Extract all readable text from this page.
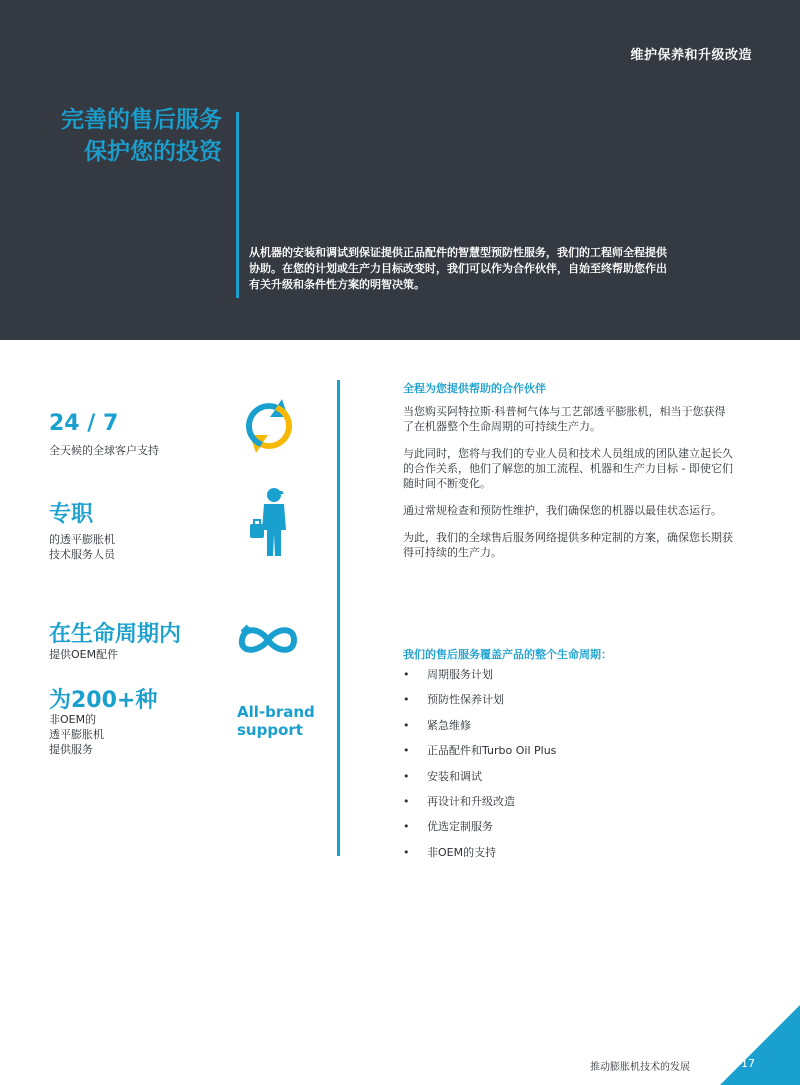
维护保养和升级改造
完善的售后服务
保护您的投资
从机器的安装和调试到保证提供正品配件的智慧型预防性服务，我们的工程师全程提供
协助。在您的计划或生产力目标改变时，我们可以作为合作伙伴，自始至终帮助您作出
有关升级和条件性方案的明智决策。
24 / 7
全天候的全球客户支持
专职
的透平膨胀机
技术服务人员
在生命周期内
提供OEM配件
为200+种
非OEM的
透平膨胀机
提供服务
All-brand
support
全程为您提供帮助的合作伙伴

当您购买阿特拉斯·科普柯气体与工艺部透平膨胀机，相当于您获得了在机器整个生命周期的可持续生产力。

与此同时，您将与我们的专业人员和技术人员组成的团队建立起长久的合作关系，他们了解您的加工流程、机器和生产力目标 - 即使它们随时间不断变化。

通过常规检查和预防性维护，我们确保您的机器以最佳状态运行。

为此，我们的全球售后服务网络提供多种定制的方案，确保您长期获得可持续的生产力。

我们的售后服务覆盖产品的整个生命周期：
• 周期服务计划
• 预防性保养计划
• 紧急维修
• 正品配件和Turbo Oil Plus
• 安装和调试
• 再设计和升级改造
• 优选定制服务
• 非OEM的支持
推动膨胀机技术的发展	17
